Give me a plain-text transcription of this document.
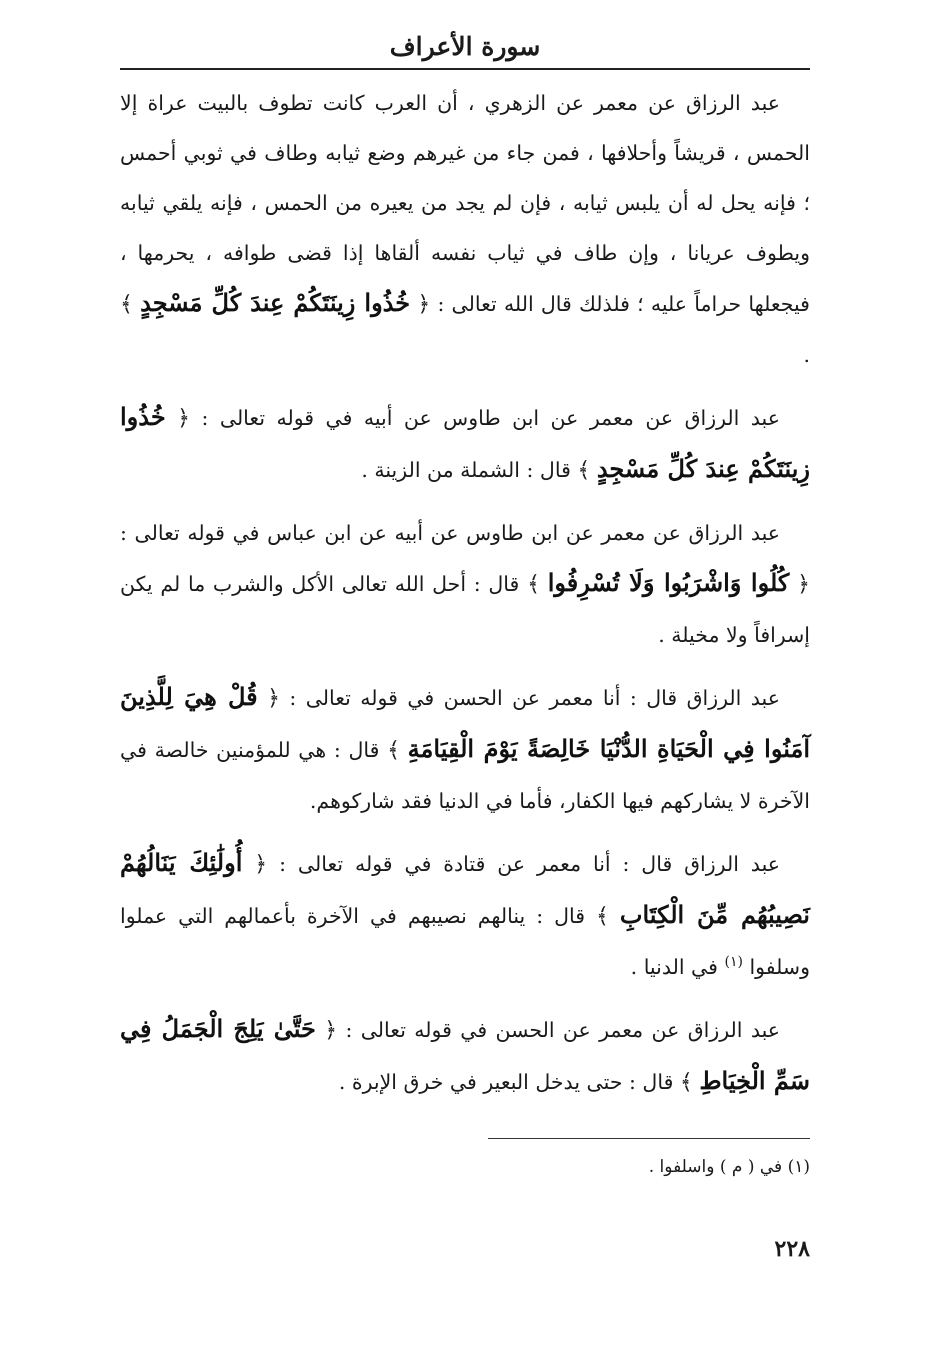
سورة الأعراف

عبد الرزاق عن معمر عن الزهري ، أن العرب كانت تطوف بالبيت عراة إلا الحمس ، قريشاً وأحلافها ، فمن جاء من غيرهم وضع ثيابه وطاف في ثوبي أحمس ؛ فإنه يحل له أن يلبس ثيابه ، فإن لم يجد من يعيره من الحمس ، فإنه يلقي ثيابه ويطوف عريانا ، وإن طاف في ثياب نفسه ألقاها إذا قضى طوافه ، يحرمها ، فيجعلها حراماً عليه ؛ فلذلك قال الله تعالى : ﴿ خُذُوا زِينَتَكُمْ عِندَ كُلِّ مَسْجِدٍ ﴾ .

عبد الرزاق عن معمر عن ابن طاوس عن أبيه في قوله تعالى : ﴿ خُذُوا زِينَتَكُمْ عِندَ كُلِّ مَسْجِدٍ ﴾ قال : الشملة من الزينة .

عبد الرزاق عن معمر عن ابن طاوس عن أبيه عن ابن عباس في قوله تعالى : ﴿ كُلُوا وَاشْرَبُوا وَلَا تُسْرِفُوا ﴾ قال : أحل الله تعالى الأكل والشرب ما لم يكن إسرافاً ولا مخيلة .

عبد الرزاق قال : أنا معمر عن الحسن في قوله تعالى : ﴿ قُلْ هِيَ لِلَّذِينَ آمَنُوا فِي الْحَيَاةِ الدُّنْيَا خَالِصَةً يَوْمَ الْقِيَامَةِ ﴾ قال : هي للمؤمنين خالصة في الآخرة لا يشاركهم فيها الكفار، فأما في الدنيا فقد شاركوهم.

عبد الرزاق قال : أنا معمر عن قتادة في قوله تعالى : ﴿ أُولَٰئِكَ يَنَالُهُمْ نَصِيبُهُم مِّنَ الْكِتَابِ ﴾ قال : ينالهم نصيبهم في الآخرة بأعمالهم التي عملوا وسلفوا $^{(١)}$ في الدنيا .

عبد الرزاق عن معمر عن الحسن في قوله تعالى : ﴿ حَتَّىٰ يَلِجَ الْجَمَلُ فِي سَمِّ الْخِيَاطِ ﴾ قال : حتى يدخل البعير في خرق الإبرة .

(١) في ( م ) واسلفوا .
٢٢٨
